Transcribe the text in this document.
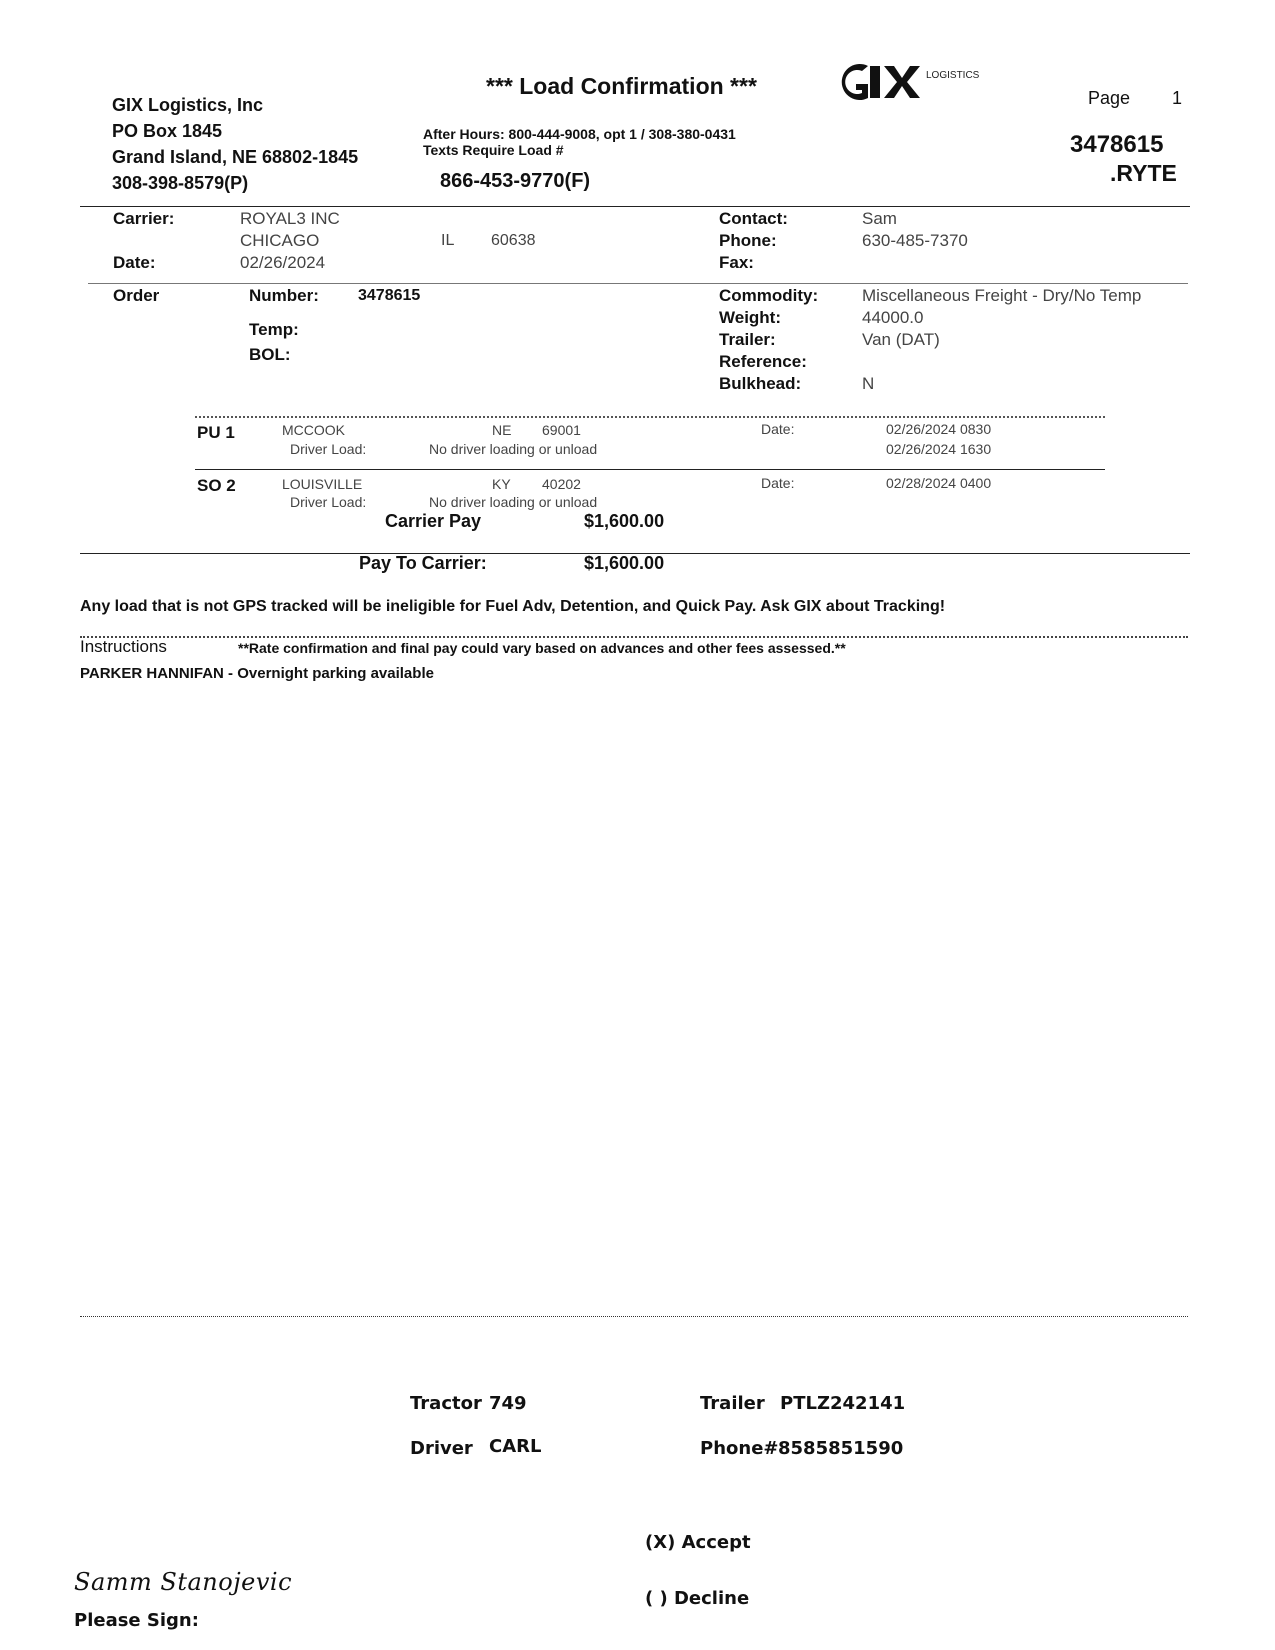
GIX Logistics, Inc
PO Box 1845
Grand Island, NE 68802-1845
308-398-8579(P)
*** Load Confirmation ***
After Hours: 800-444-9008, opt 1 / 308-380-0431
Texts Require Load #
866-453-9770(F)
LOGISTICS
Page 1
3478615
.RYTE
Carrier:	ROYAL3 INC
CHICAGO	IL 60638
Date:	02/26/2024
Contact:	Sam
Phone:	630-485-7370
Fax:
Order	Number: 3478615
Temp:
BOL:
Commodity:	Miscellaneous Freight - Dry/No Temp
Weight:	44000.0
Trailer:	Van (DAT)
Reference:
Bulkhead:	N
PU 1	MCCOOK	NE 69001	Date:	02/26/2024 0830
02/26/2024 1630
Driver Load:	No driver loading or unload
SO 2	LOUISVILLE	KY 40202	Date:	02/28/2024 0400
Driver Load:	No driver loading or unload
Carrier Pay	$1,600.00
Pay To Carrier:	$1,600.00
Any load that is not GPS tracked will be ineligible for Fuel Adv, Detention, and Quick Pay. Ask GIX about Tracking!
Instructions	**Rate confirmation and final pay could vary based on advances and other fees assessed.**
PARKER HANNIFAN - Overnight parking available
Tractor 749	Trailer PTLZ242141
Driver CARL	Phone# 8585851590
(X) Accept
( ) Decline
Samm Stanojevic
Please Sign:
